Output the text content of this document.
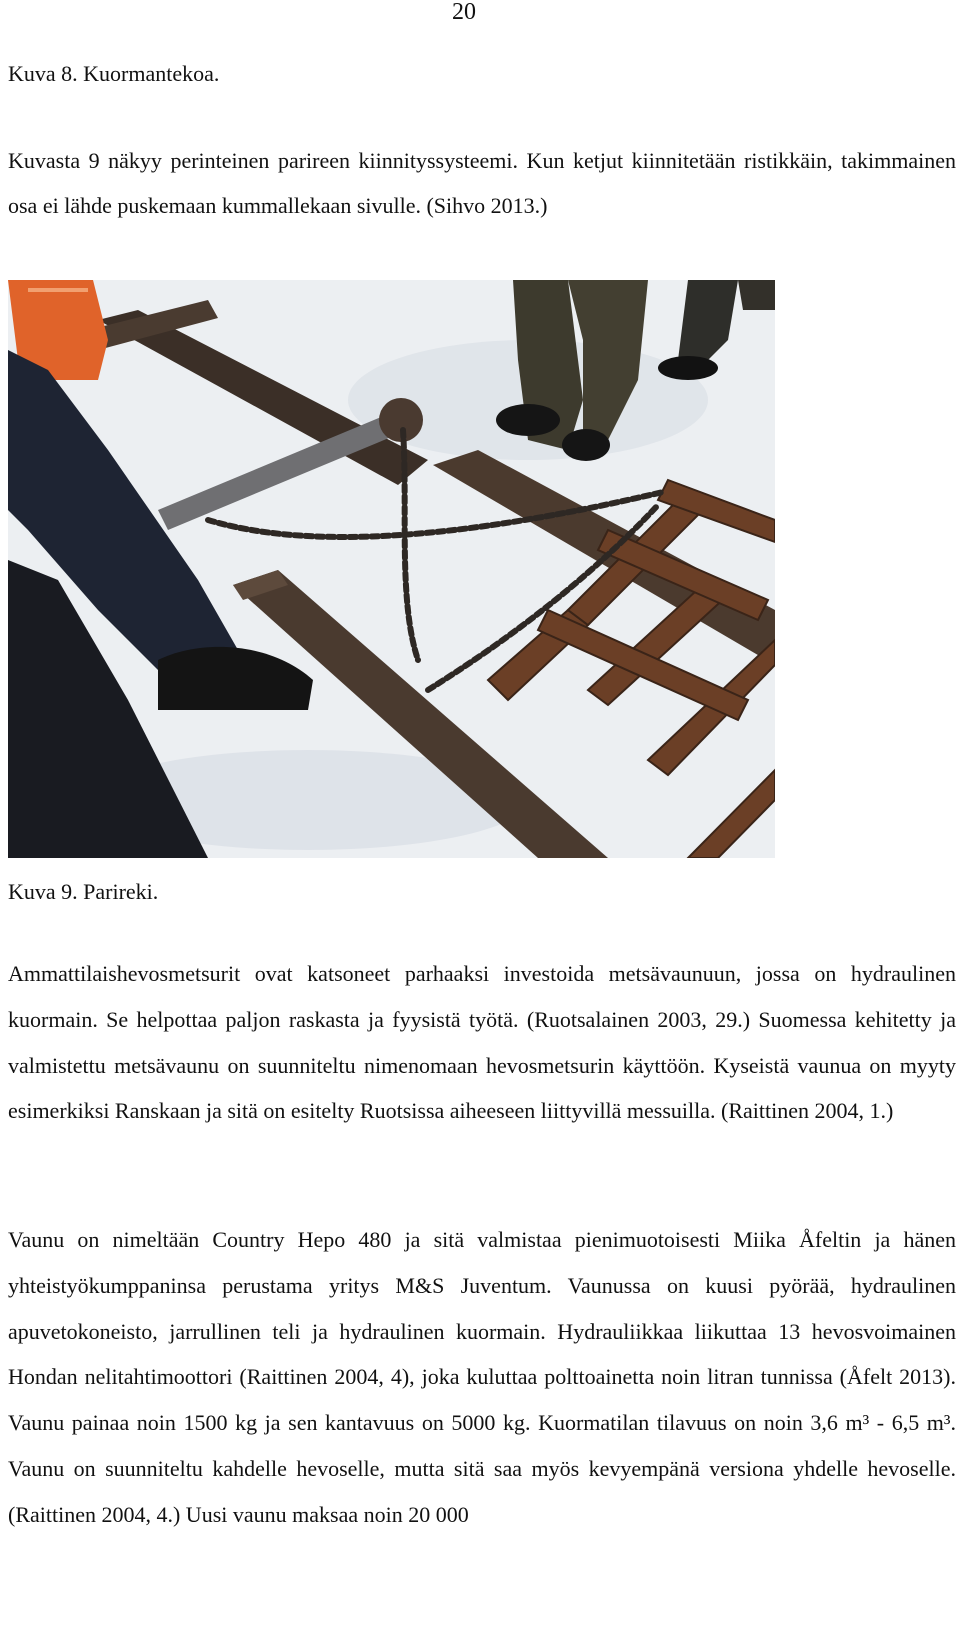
20

Kuva 8. Kuormantekoa.

Kuvasta 9 näkyy perinteinen parireen kiinnityssysteemi. Kun ketjut kiinnitetään ristikkäin, takimmainen osa ei lähde puskemaan kummallekaan sivulle. (Sihvo 2013.)

Kuva 9. Parireki.

Ammattilaishevosmetsurit ovat katsoneet parhaaksi investoida metsävaunuun, jossa on hydraulinen kuormain. Se helpottaa paljon raskasta ja fyysistä työtä. (Ruotsalainen 2003, 29.) Suomessa kehitetty ja valmistettu metsävaunu on suunniteltu nimenomaan hevosmetsurin käyttöön. Kyseistä vaunua on myyty esimerkiksi Ranskaan ja sitä on esitelty Ruotsissa aiheeseen liittyvillä messuilla. (Raittinen 2004, 1.)

Vaunu on nimeltään Country Hepo 480 ja sitä valmistaa pienimuotoisesti Miika Åfeltin ja hänen yhteistyökumppaninsa perustama yritys M&S Juventum. Vaunussa on kuusi pyörää, hydraulinen apuvetokoneisto, jarrullinen teli ja hydraulinen kuormain. Hydrauliikkaa liikuttaa 13 hevosvoimainen Hondan nelitahtimoottori (Raittinen 2004, 4), joka kuluttaa polttoainetta noin litran tunnissa (Åfelt 2013). Vaunu painaa noin 1500 kg ja sen kantavuus on 5000 kg. Kuormatilan tilavuus on noin 3,6 m³ - 6,5 m³. Vaunu on suunniteltu kahdelle hevoselle, mutta sitä saa myös kevyempänä versiona yhdelle hevoselle. (Raittinen 2004, 4.) Uusi vaunu maksaa noin 20 000
